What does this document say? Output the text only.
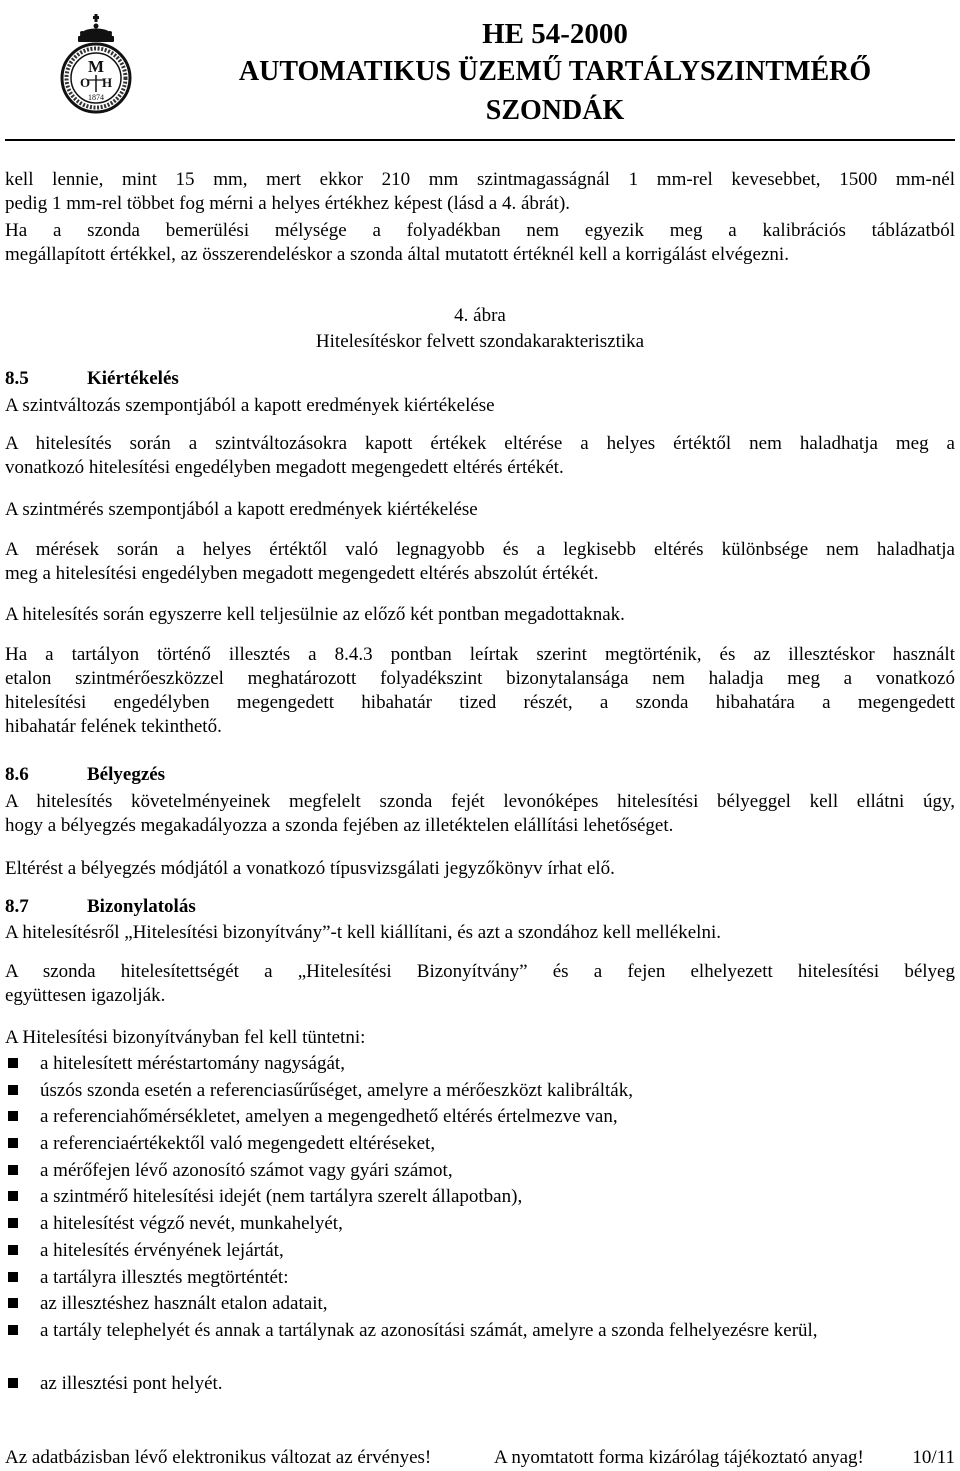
M
O H
1874
HE 54-2000
AUTOMATIKUS ÜZEMŰ TARTÁLYSZINTMÉRŐ
SZONDÁK
kell lennie, mint 15 mm, mert ekkor 210 mm szintmagasságnál 1 mm-rel kevesebbet, 1500 mm-nél
pedig 1 mm-rel többet fog mérni a helyes értékhez képest (lásd a 4. ábrát).
Ha a szonda bemerülési mélysége a folyadékban nem egyezik meg a kalibrációs táblázatból
megállapított értékkel, az összerendeléskor a szonda által mutatott értéknél kell a korrigálást elvégezni.
4. ábra
Hitelesítéskor felvett szondakarakterisztika
8.5	Kiértékelés
A szintváltozás szempontjából a kapott eredmények kiértékelése
A hitelesítés során a szintváltozásokra kapott értékek eltérése a helyes értéktől nem haladhatja meg a
vonatkozó hitelesítési engedélyben megadott megengedett eltérés értékét.
A szintmérés szempontjából a kapott eredmények kiértékelése
A mérések során a helyes értéktől való legnagyobb és a legkisebb eltérés különbsége nem haladhatja
meg a hitelesítési engedélyben megadott megengedett eltérés abszolút értékét.
A hitelesítés során egyszerre kell teljesülnie az előző két pontban megadottaknak.
Ha a tartályon történő illesztés a 8.4.3 pontban leírtak szerint megtörténik, és az illesztéskor használt
etalon szintmérőeszközzel meghatározott folyadékszint bizonytalansága nem haladja meg a vonatkozó
hitelesítési engedélyben megengedett hibahatár tized részét, a szonda hibahatára a megengedett
hibahatár felének tekinthető.
8.6	Bélyegzés
A hitelesítés követelményeinek megfelelt szonda fejét levonóképes hitelesítési bélyeggel kell ellátni úgy,
hogy a bélyegzés megakadályozza a szonda fejében az illetéktelen elállítási lehetőséget.
Eltérést a bélyegzés módjától a vonatkozó típusvizsgálati jegyzőkönyv írhat elő.
8.7	Bizonylatolás
A hitelesítésről „Hitelesítési bizonyítvány”-t kell kiállítani, és azt a szondához kell mellékelni.
A szonda hitelesítettségét a „Hitelesítési Bizonyítvány” és a fejen elhelyezett hitelesítési bélyeg
együttesen igazolják.
A Hitelesítési bizonyítványban fel kell tüntetni:
a hitelesített méréstartomány nagyságát,
úszós szonda esetén a referenciasűrűséget, amelyre a mérőeszközt kalibrálták,
a referenciahőmérsékletet, amelyen a megengedhető eltérés értelmezve van,
a referenciaértékektől való megengedett eltéréseket,
a mérőfejen lévő azonosító számot vagy gyári számot,
a szintmérő hitelesítési idejét (nem tartályra szerelt állapotban),
a hitelesítést végző nevét, munkahelyét,
a hitelesítés érvényének lejártát,
a tartályra illesztés megtörténtét:
az illesztéshez használt etalon adatait,
a tartály telephelyét és annak a tartálynak az azonosítási számát, amelyre a szonda felhelyezésre kerül,
az illesztési pont helyét.
Az adatbázisban lévő elektronikus változat az érvényes!	A nyomtatott forma kizárólag tájékoztató anyag!	10/11
